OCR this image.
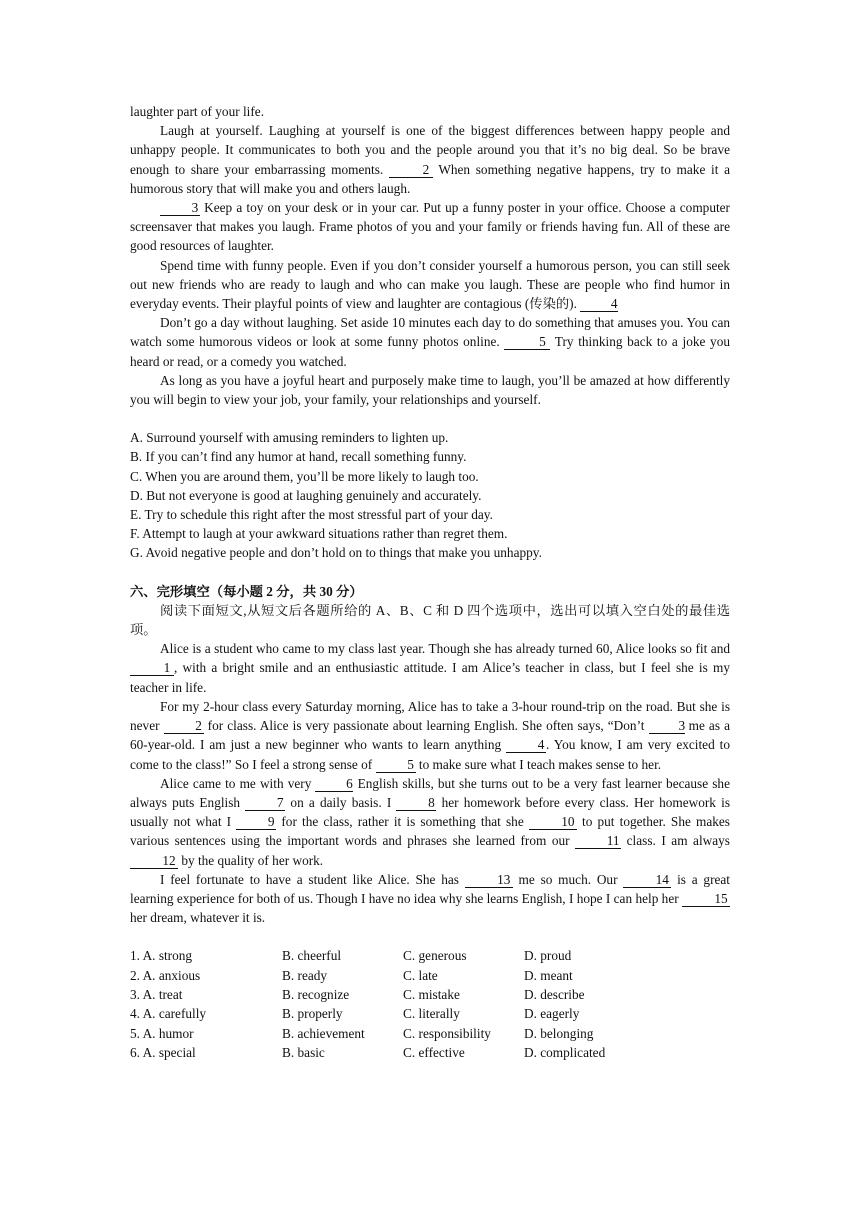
laughter part of your life.

Laugh at yourself. Laughing at yourself is one of the biggest differences between happy people and unhappy people. It communicates to both you and the people around you that it’s no big deal. So be brave enough to share your embarrassing moments.	2 When something negative happens, try to make it a humorous story that will make you and others laugh.

3 Keep a toy on your desk or in your car. Put up a funny poster in your office. Choose a computer screensaver that makes you laugh. Frame photos of you and your family or friends having fun. All of these are good resources of laughter.

Spend time with funny people. Even if you don’t consider yourself a humorous person, you can still seek out new friends who are ready to laugh and who can make you laugh. These are people who find humor in everyday events. Their playful points of view and laughter are contagious (传染的). 4

Don’t go a day without laughing. Set aside 10 minutes each day to do something that amuses you. You can watch some humorous videos or look at some funny photos online.	5 Try thinking back to a joke you heard or read, or a comedy you watched.

As long as you have a joyful heart and purposely make time to laugh, you’ll be amazed at how differently you will begin to view your job, your family, your relationships and yourself.

A. Surround yourself with amusing reminders to lighten up.

B. If you can’t find any humor at hand, recall something funny.

C. When you are around them, you’ll be more likely to laugh too.

D. But not everyone is good at laughing genuinely and accurately.

E. Try to schedule this right after the most stressful part of your day.

F. Attempt to laugh at your awkward situations rather than regret them.

G. Avoid negative people and don’t hold on to things that make you unhappy.

六、完形填空（每小题 2 分，共 30 分）

阅读下面短文,从短文后各题所给的 A、B、C 和 D 四个选项中，选出可以填入空白处的最佳选项。

Alice is a student who came to my class last year. Though she has already turned 60, Alice looks so fit and 1 , with a bright smile and an enthusiastic attitude. I am Alice’s teacher in class, but I feel she is my teacher in life.

For my 2-hour class every Saturday morning, Alice has to take a 3-hour round-trip on the road. But she is never 2 for class. Alice is very passionate about learning English. She often says, “Don’t 3 me as a 60-year-old. I am just a new beginner who wants to learn anything 4 . You know, I am very excited to come to the class!” So I feel a strong sense of 5 to make sure what I teach makes sense to her.

Alice came to me with very 6 English skills, but she turns out to be a very fast learner because she always puts English 7 on a daily basis. I 8 her homework before every class. Her homework is usually not what I 9 for the class, rather it is something that she 10 to put together. She makes various sentences using the important words and phrases she learned from our 11 class. I am always 12 by the quality of her work.

I feel fortunate to have a student like Alice. She has 13 me so much. Our 14 is a great learning experience for both of us. Though I have no idea why she learns English, I hope I can help her 15 her dream, whatever it is.

1. A. strong	B. cheerful	C. generous	D. proud
2. A. anxious	B. ready	C. late	D. meant
3. A. treat	B. recognize	C. mistake	D. describe
4. A. carefully	B. properly	C. literally	D. eagerly
5. A. humor	B. achievement	C. responsibility	D. belonging
6. A. special	B. basic	C. effective	D. complicated
